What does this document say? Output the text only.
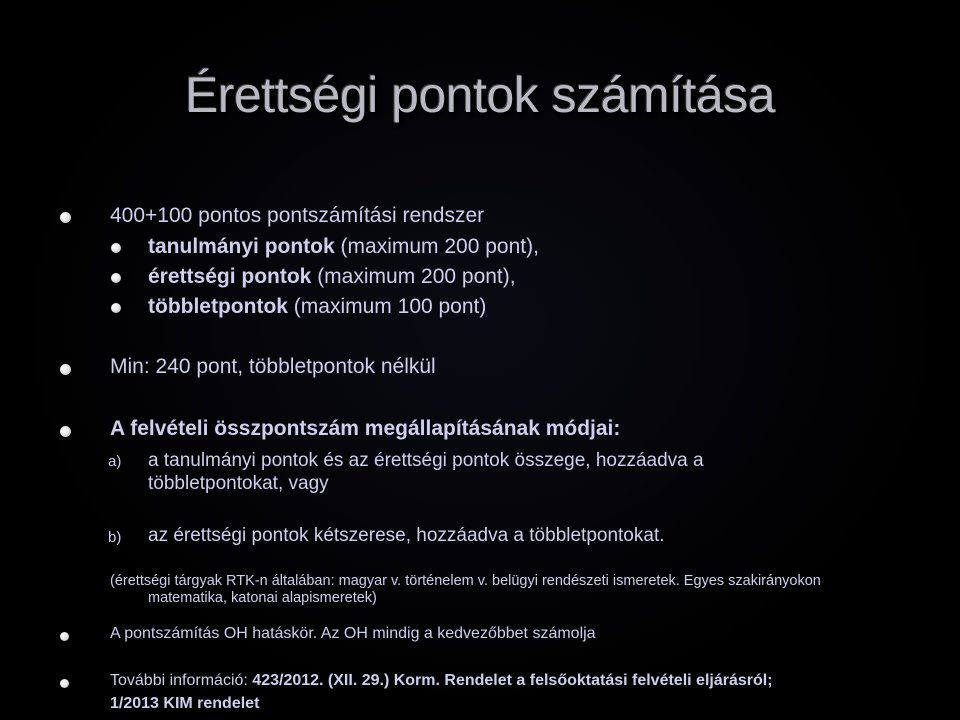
Érettségi pontok számítása
400+100 pontos pontszámítási rendszer
tanulmányi pontok (maximum 200 pont),
érettségi pontok (maximum 200 pont),
többletpontok (maximum 100 pont)
Min: 240 pont, többletpontok nélkül
A felvételi összpontszám megállapításának módjai:
a) a tanulmányi pontok és az érettségi pontok összege, hozzáadva a
többletpontokat, vagy
b) az érettségi pontok kétszerese, hozzáadva a többletpontokat.
(érettségi tárgyak RTK-n általában: magyar v. történelem v. belügyi rendészeti ismeretek. Egyes szakirányokon
matematika, katonai alapismeretek)
A pontszámítás OH hatáskör. Az OH mindig a kedvezőbbet számolja
További információ: 423/2012. (XII. 29.) Korm. Rendelet a felsőoktatási felvételi eljárásról;
1/2013 KIM rendelet
